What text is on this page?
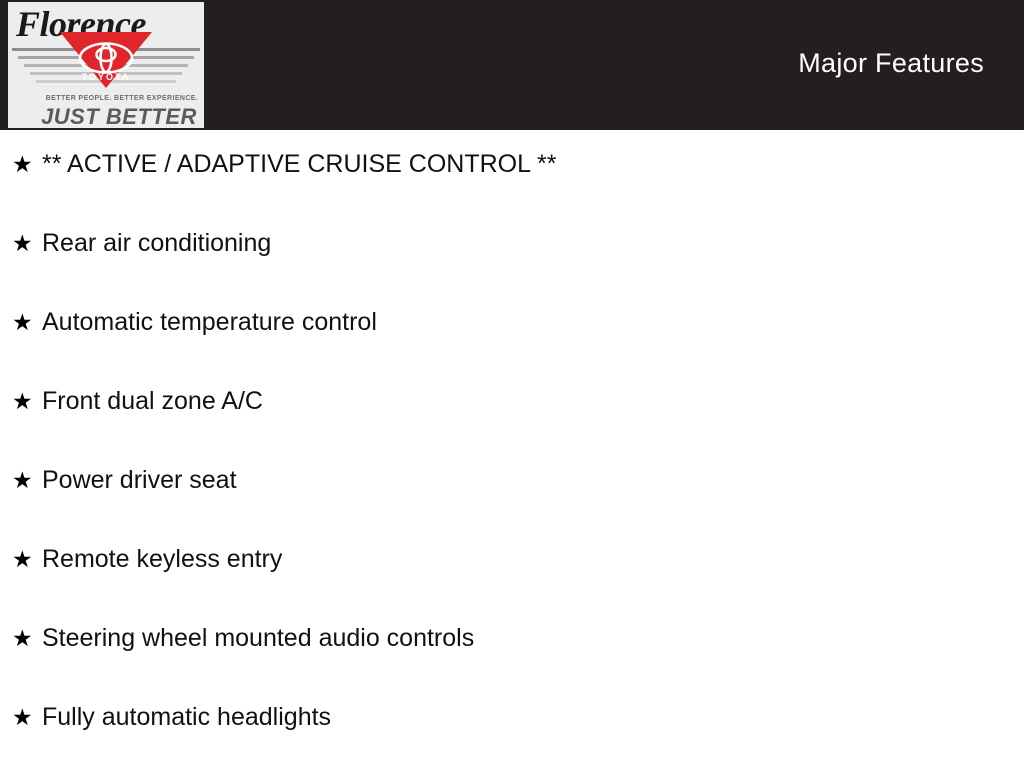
Florence
TOYOTA
BETTER PEOPLE. BETTER EXPERIENCE.
JUST BETTER
Major Features
★ ** ACTIVE / ADAPTIVE CRUISE CONTROL **
★ Rear air conditioning
★ Automatic temperature control
★ Front dual zone A/C
★ Power driver seat
★ Remote keyless entry
★ Steering wheel mounted audio controls
★ Fully automatic headlights
